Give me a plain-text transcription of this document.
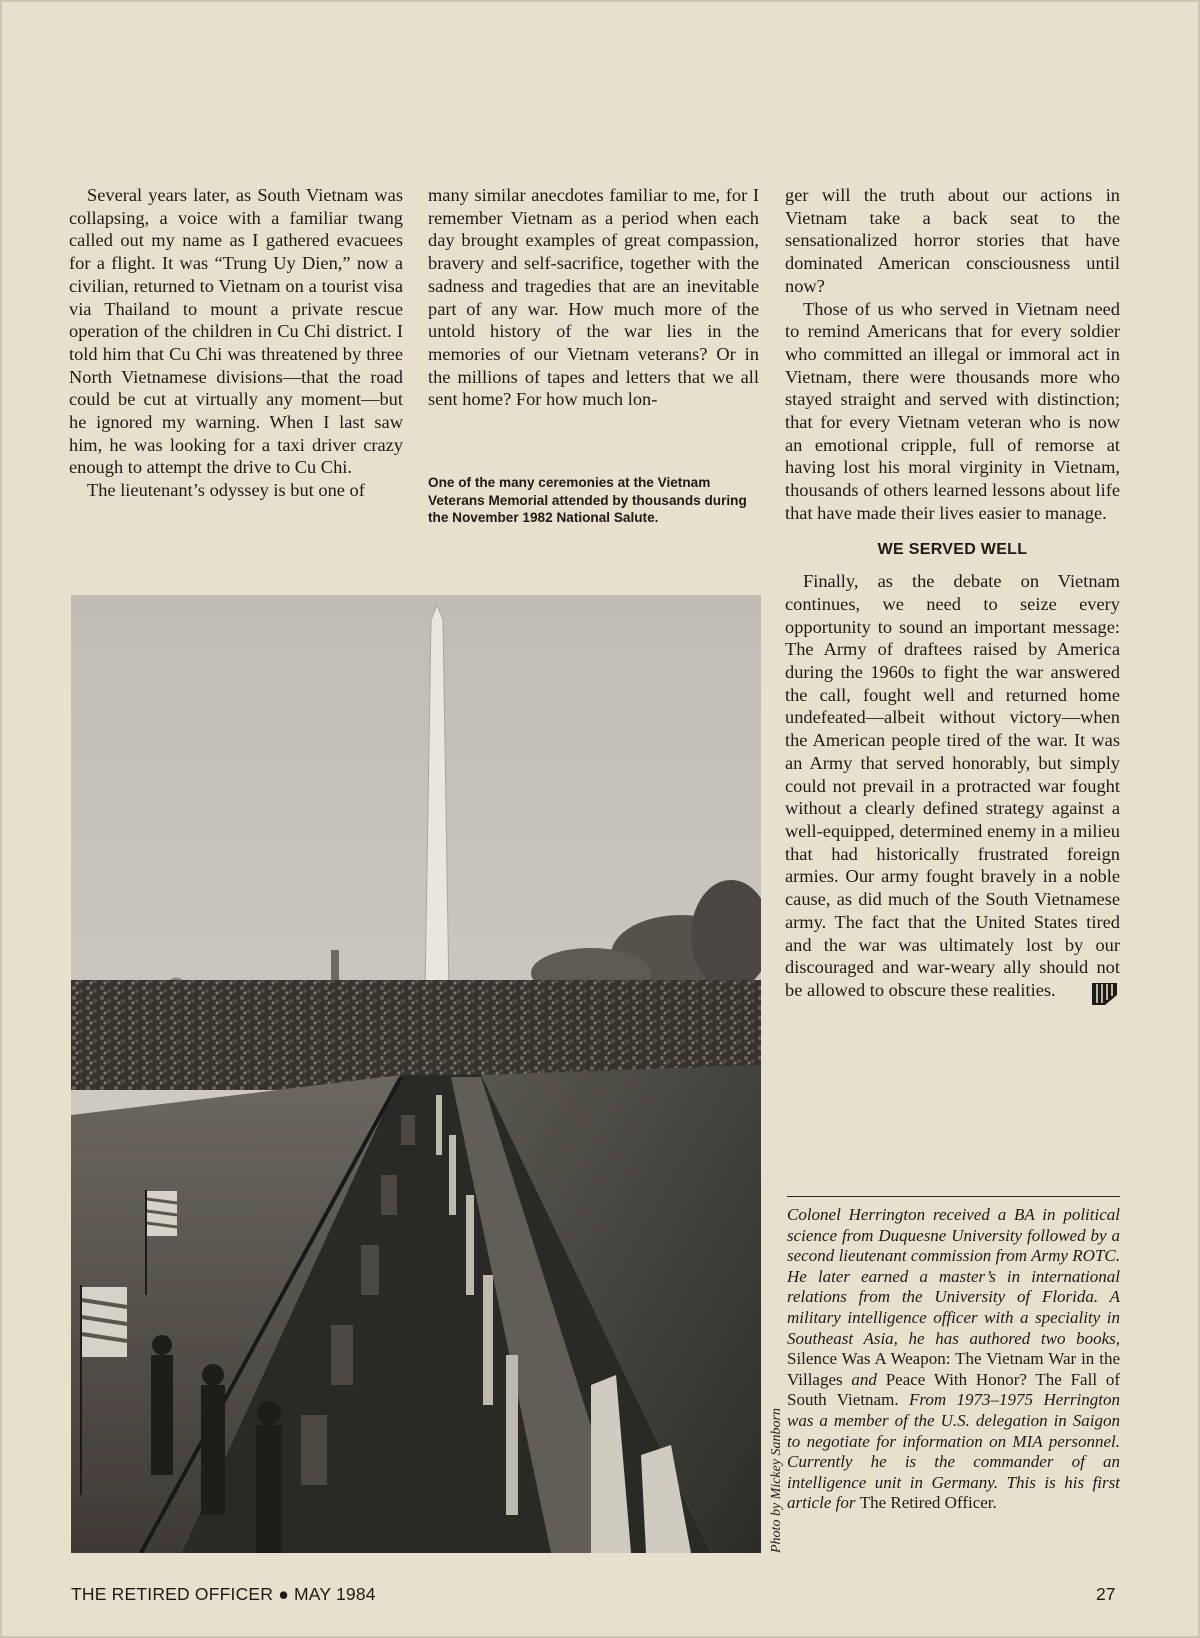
Several years later, as South Vietnam was collapsing, a voice with a familiar twang called out my name as I gathered evacuees for a flight. It was “Trung Uy Dien,” now a civilian, returned to Vietnam on a tourist visa via Thailand to mount a private rescue operation of the children in Cu Chi district. I told him that Cu Chi was threatened by three North Vietnamese divisions—that the road could be cut at virtually any moment—but he ignored my warning. When I last saw him, he was looking for a taxi driver crazy enough to attempt the drive to Cu Chi.

The lieutenant’s odyssey is but one of

many similar anecdotes familiar to me, for I remember Vietnam as a period when each day brought examples of great compassion, bravery and self-sacrifice, together with the sadness and tragedies that are an inevitable part of any war. How much more of the untold history of the war lies in the memories of our Vietnam veterans? Or in the millions of tapes and letters that we all sent home? For how much lon-

One of the many ceremonies at the Vietnam Veterans Memorial attended by thousands during the November 1982 National Salute.

ger will the truth about our actions in Vietnam take a back seat to the sensationalized horror stories that have dominated American consciousness until now?

Those of us who served in Vietnam need to remind Americans that for every soldier who committed an illegal or immoral act in Vietnam, there were thousands more who stayed straight and served with distinction; that for every Vietnam veteran who is now an emotional cripple, full of remorse at having lost his moral virginity in Vietnam, thousands of others learned lessons about life that have made their lives easier to manage.

WE SERVED WELL

Finally, as the debate on Vietnam continues, we need to seize every opportunity to sound an important message: The Army of draftees raised by America during the 1960s to fight the war answered the call, fought well and returned home undefeated—albeit without victory—when the American people tired of the war. It was an Army that served honorably, but simply could not prevail in a protracted war fought without a clearly defined strategy against a well-equipped, determined enemy in a milieu that had historically frustrated foreign armies. Our army fought bravely in a noble cause, as did much of the South Vietnamese army. The fact that the United States tired and the war was ultimately lost by our discouraged and war-weary ally should not be allowed to obscure these realities.

Photo by Mickey Sanborn
Colonel Herrington received a BA in political science from Duquesne University followed by a second lieutenant commission from Army ROTC. He later earned a master’s in international relations from the University of Florida. A military intelligence officer with a speciality in Southeast Asia, he has authored two books, Silence Was A Weapon: The Vietnam War in the Villages and Peace With Honor? The Fall of South Vietnam. From 1973–1975 Herrington was a member of the U.S. delegation in Saigon to negotiate for information on MIA personnel. Currently he is the commander of an intelligence unit in Germany. This is his first article for The Retired Officer.
THE RETIRED OFFICER ● MAY 1984	27
